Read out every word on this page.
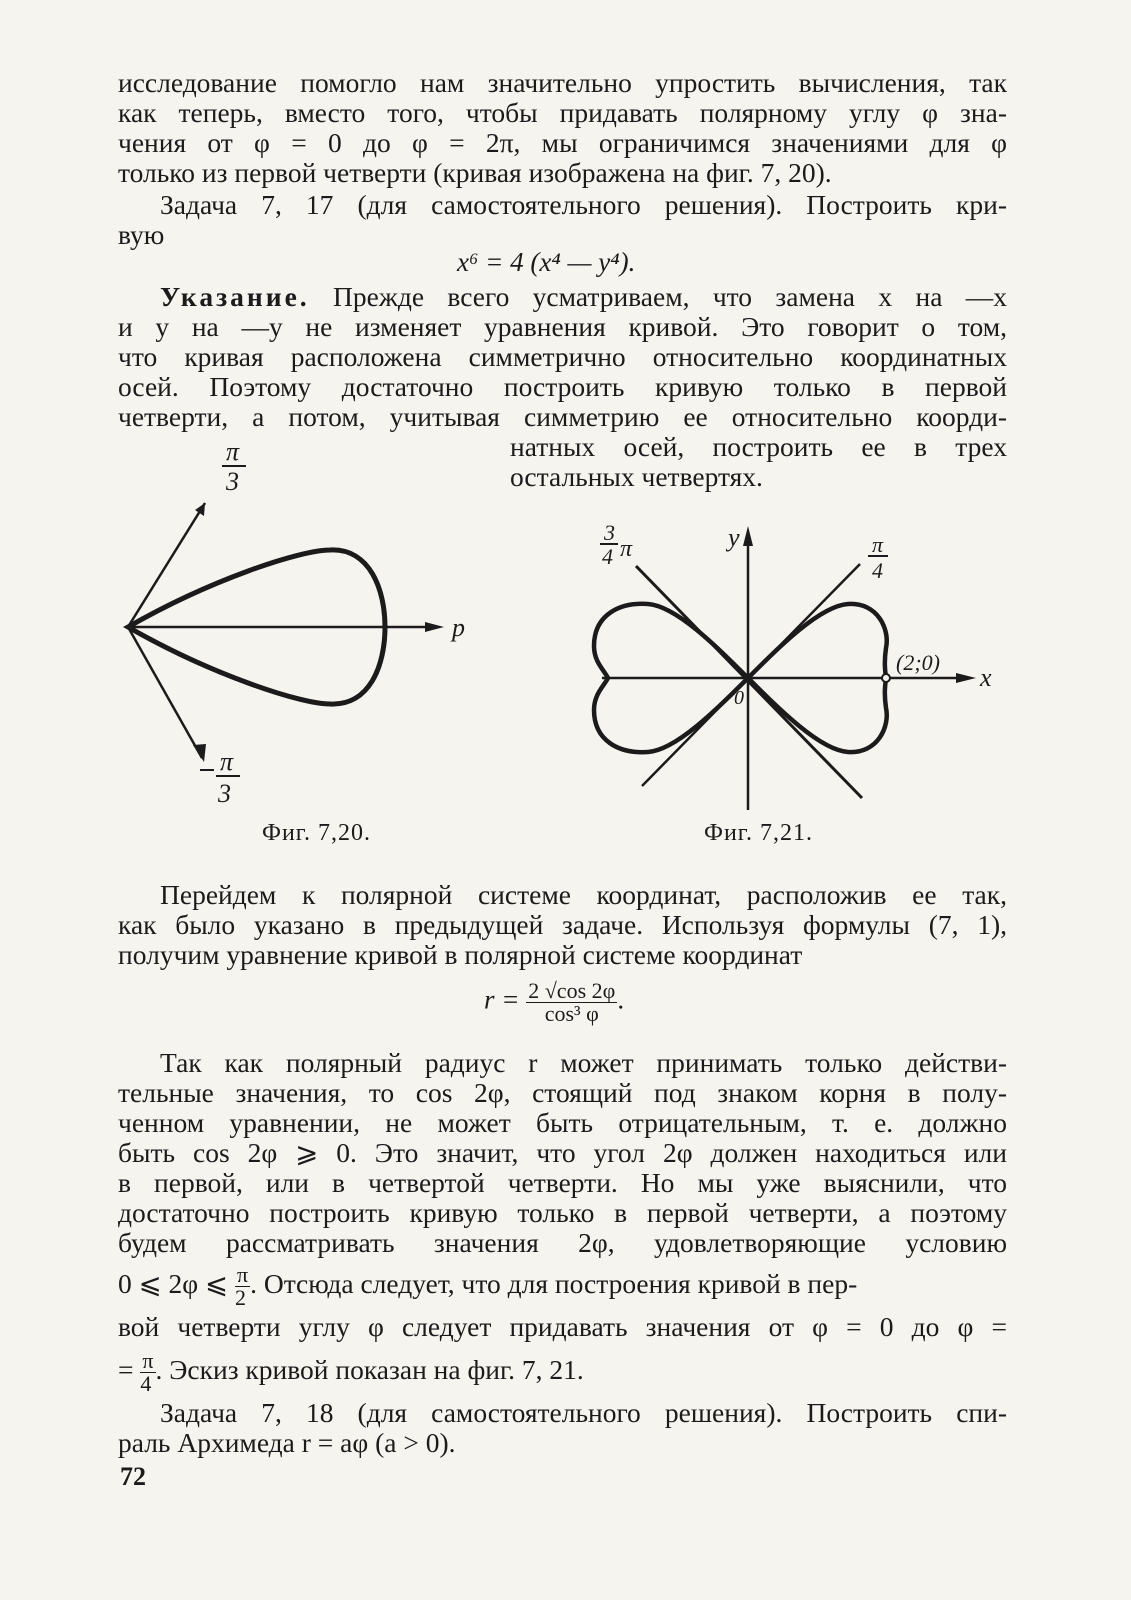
исследование помогло нам значительно упростить вычисления, так
как теперь, вместо того, чтобы придавать полярному углу φ зна-
чения от φ = 0 до φ = 2π, мы ограничимся значениями для φ
только из первой четверти (кривая изображена на фиг. 7, 20).
Задача 7, 17 (для самостоятельного решения). Построить кри-
вую
x⁶ = 4 (x⁴ — y⁴).
Указание. Прежде всего усматриваем, что замена x на —x
и y на —y не изменяет уравнения кривой. Это говорит о том,
что кривая расположена симметрично относительно координатных
осей. Поэтому достаточно построить кривую только в первой
четверти, а потом, учитывая симметрию ее относительно коорди-
натных осей, построить ее в трех
остальных четвертях.
p
π
3
π
3
Фиг. 7,20.
(2;0)
x
y
0
π
4
3
4 π
Фиг. 7,21.
Перейдем к полярной системе координат, расположив ее так,
как было указано в предыдущей задаче. Используя формулы (7, 1),
получим уравнение кривой в полярной системе координат
$r = \frac{2 √\cos 2\varphi}{\text{cos³ φ}}$ .
Так как полярный радиус r может принимать только действи-
тельные значения, то cos 2φ, стоящий под знаком корня в полу-
ченном уравнении, не может быть отрицательным, т. е. должно
быть cos 2φ ⩾ 0. Это значит, что угол 2φ должен находиться или
в первой, или в четвертой четверти. Но мы уже выяснили, что
достаточно построить кривую только в первой четверти, а поэтому
будем рассматривать значения 2φ, удовлетворяющие условию
0 ⩽ 2φ ⩽ $\frac{\pi}{2}$ . Отсюда следует, что для построения кривой в пер-
вой четверти углу φ следует придавать значения от φ = 0 до φ =
= $\frac{\pi}{4}$ . Эскиз кривой показан на фиг. 7, 21.
Задача 7, 18 (для самостоятельного решения). Построить спи-
раль Архимеда r = aφ (a > 0).
72
